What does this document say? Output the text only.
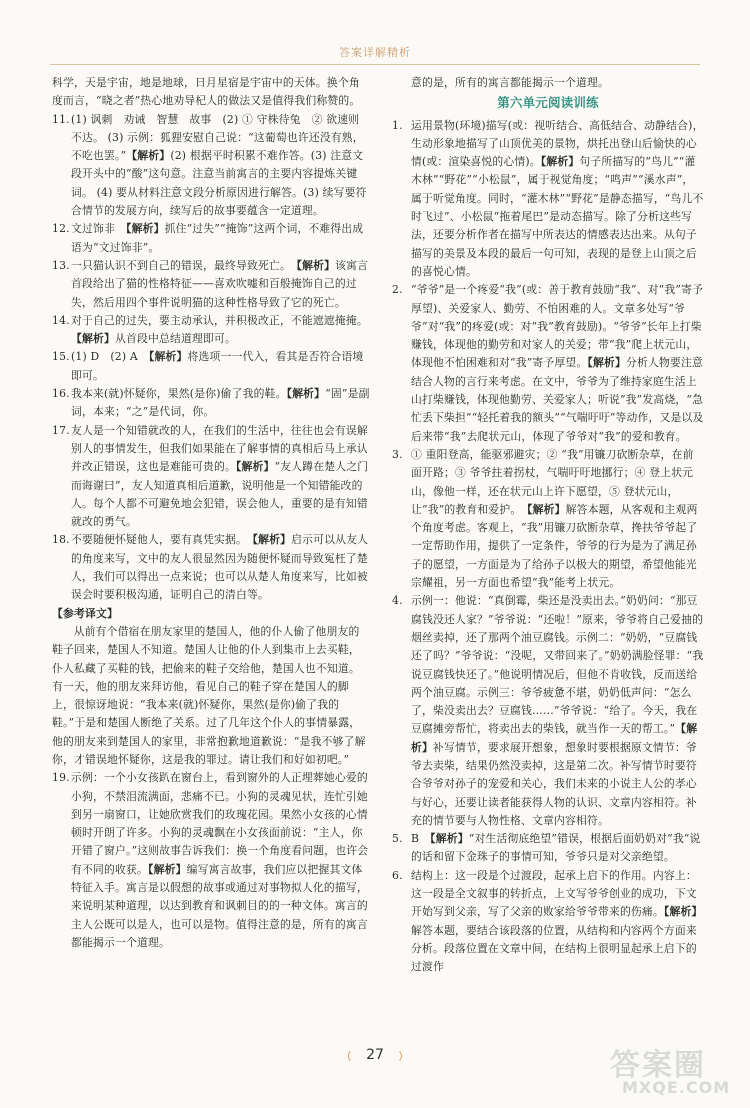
答案详解精析

科学，天是宇宙，地是地球，日月星宿是宇宙中的天体。换个角度而言，“晓之者”热心地劝导杞人的做法又是值得我们称赞的。

11. (1) 讽刺　劝诫　智慧　故事　(2) ① 守株待兔　② 欲速则不达。 (3) 示例：狐狸安慰自己说：“这葡萄也许还没有熟，不吃也罢。”【解析】(2) 根据平时积累不难作答。(3) 注意文段开头中的“酸”这句意。注意当前寓言的主要内容提炼关键词。 (4) 要从材料注意文段分析原因进行解答。(3) 续写要符合情节的发展方向，续写后的故事要蕴含一定道理。

12. 文过饰非　 【解析】抓住“过失”“掩饰”这两个词，不难得出成语为“文过饰非”。

13. 一只猫认识不到自己的错误，最终导致死亡。　 【解析】该寓言首段给出了猫的性格特征——喜欢吹嘘和百般掩饰自己的过失，然后用四个事件说明猫的这种性格导致了它的死亡。

14. 对于自己的过失，要主动承认，并积极改正，不能遮遮掩掩。【解析】从首段中总结道理即可。

15. (1) D　(2) A　 【解析】将选项一一代入，看其是否符合语境即可。

16. 我本来(就)怀疑你，果然(是你)偷了我的鞋。【解析】“固”是副词，本来；“之”是代词，你。

17. 友人是一个知错就改的人，在我们的生活中，往往也会有误解别人的事情发生，但我们如果能在了解事情的真相后马上承认并改正错误，这也是难能可贵的。【解析】“友人蹲在楚人之门而诲谢曰”，友人知道真相后道歉，说明他是一个知错能改的人。每个人都不可避免地会犯错，误会他人，重要的是有知错就改的勇气。

18. 不要随便怀疑他人，要有真凭实据。　 【解析】启示可以从友人的角度来写，文中的友人很显然因为随便怀疑而导致冤枉了楚人，我们可以得出一点来说；也可以从楚人角度来写，比如被误会时要积极沟通，证明自己的清白等。

【参考译文】

从前有个借宿在朋友家里的楚国人，他的仆人偷了他朋友的鞋子回来，楚国人不知道。楚国人让他的仆人到集市上去买鞋，仆人私藏了买鞋的钱，把偷来的鞋子交给他，楚国人也不知道。有一天，他的朋友来拜访他，看见自己的鞋子穿在楚国人的脚上，很惊讶地说：“我本来(就)怀疑你，果然(是你)偷了我的鞋。”于是和楚国人断绝了关系。过了几年这个仆人的事情暴露，他的朋友来到楚国人的家里，非常抱歉地道歉说：“是我不够了解你，才错误地怀疑你，这是我的罪过。请让我们和好如初吧。”

19. 示例：一个小女孩趴在窗台上，看到窗外的人正埋葬她心爱的小狗，不禁泪流满面，悲痛不已。小狗的灵魂见状，连忙引她到另一扇窗口，让她欣赏我们的玫瑰花园。果然小女孩的心情顿时开朗了许多。小狗的灵魂飘在小女孩面前说：“主人，你开错了窗户。”这则故事告诉我们：换一个角度看问题，也许会有不同的收获。【解析】编写寓言故事，我们应以把握其文体特征入手。寓言是以假想的故事或通过对事物拟人化的描写，来说明某种道理，以达到教育和讽刺目的的一种文体。寓言的主人公既可以是人，也可以是物。值得注意的是，所有的寓言都能揭示一个道理。

意的是，所有的寓言都能揭示一个道理。

第六单元阅读训练
1. 运用景物(环境)描写(或：视听结合、高低结合、动静结合)，生动形象地描写了山顶优美的景物，烘托出登山后愉快的心情(或：渲染喜悦的心情)。【解析】句子所描写的“鸟儿”“灌木林”“野花”“小松鼠”，属于视觉角度；“鸣声”“溪水声”，属于听觉角度。同时，“灌木林”“野花”是静态描写，“鸟儿不时飞过”、小松鼠“拖着尾巴”是动态描写。除了分析这些写法，还要分析作者在描写中所表达的情感表达出来。从句子描写的美景及本段的最后一句可知，表现的是登上山顶之后的喜悦心情。

2. “爷爷”是一个疼爱“我”(或：善于教育鼓励“我”、对“我”寄予厚望)、关爱家人、勤劳、不怕困难的人。文章多处写“爷爷”对“我”的疼爱(或：对“我”教育鼓励)。“爷爷”长年上打柴赚钱，体现他的勤劳和对家人的关爱；带“我”爬上状元山，体现他不怕困难和对“我”寄予厚望。【解析】分析人物要注意结合人物的言行来考虑。在文中，爷爷为了维持家庭生活上山打柴赚钱，体现他勤劳、关爱家人；听说“我”发高烧，“急忙丢下柴担”“轻托着我的额头”“气喘吁吁”等动作，又是以及后来带“我”去爬状元山，体现了爷爷对“我”的爱和教育。

3. ① 重阳登高，能驱邪避灾；② “我”用镰刀砍断杂草，在前面开路；③ 爷爷拄着拐杖，气喘吁吁地挪行；④ 登上状元山，像他一样，还在状元山上许下愿望，⑤ 登状元山，让“我”的教育和爱护。　 【解析】解答本题，从客观和主观两个角度考虑。客观上，“我”用镰刀砍断杂草，搀扶爷爷起了一定帮助作用，提供了一定条件，爷爷的行为是为了满足孙子的愿望，一方面是为了给孙子以极大的期望，希望他能光宗耀祖，另一方面也希望“我”能考上状元。

4. 示例一：他说：“真倒霉，柴还是没卖出去。”奶奶问：“那豆腐钱没还人家？”爷爷说：“还啦！”原来，爷爷将自己爱抽的烟丝卖掉，还了那两个油豆腐钱。示例二：“奶奶，“豆腐钱还了吗？”爷爷说：“没呢，又带回来了。”奶奶满脸怪罪：“我说豆腐钱快还了。”他说明情况后，但他不肯收钱，反而送给两个油豆腐。示例三：爷爷疲惫不堪，奶奶低声问：“怎么了，柴没卖出去？豆腐钱……”爷爷说：“给了。今天，我在豆腐摊旁帮忙，将卖出去的柴钱，就当作一天的帮工。”【解析】补写情节，要求展开想象，想象时要根据原文情节：爷爷去卖柴，结果仍然没卖掉，这是第二次。补写情节时要符合爷爷对孙子的宠爱和关心，我们未来的小说主人公的孝心与好心，还要让读者能获得人物的认识、文章内容相符。补充的情节要与人物性格、文章内容相符。

5. B　 【解析】“对生活彻底绝望”错误，根据后面奶奶对“我”说的话和留下金珠子的事情可知，爷爷只是对父亲绝望。

6. 结构上：这一段是个过渡段，起承上启下的作用。内容上：这一段是全文叙事的转折点，上文写爷爷创业的成功，下文开始写到父亲，写了父亲的败家给爷爷带来的伤痛。【解析】解答本题，要结合该段落的位置，从结构和内容两个方面来分析。段落位置在文章中间，在结构上很明显起承上启下的过渡作

27	答案圈
MXQE.COM
